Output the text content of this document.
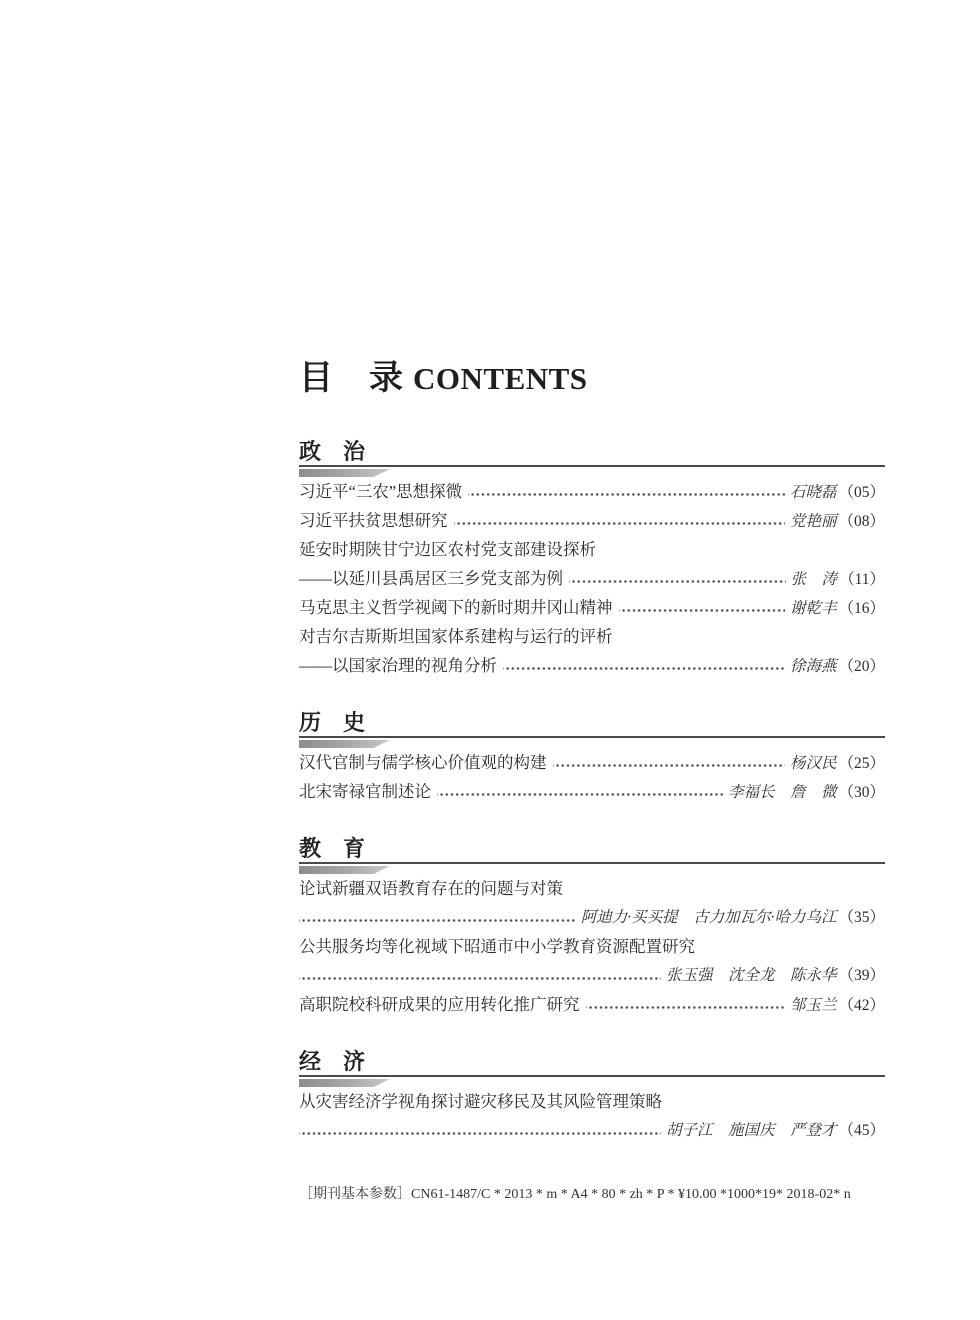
目　录 CONTENTS
政　治
习近平“三农”思想探微	石晓磊 （05）
习近平扶贫思想研究	党艳丽 （08）
延安时期陕甘宁边区农村党支部建设探析
——以延川县禹居区三乡党支部为例	张　涛 （11）
马克思主义哲学视阈下的新时期井冈山精神	谢乾丰 （16）
对吉尔吉斯斯坦国家体系建构与运行的评析
——以国家治理的视角分析	徐海燕 （20）
历　史
汉代官制与儒学核心价值观的构建	杨汉民 （25）
北宋寄禄官制述论	李福长　詹　微 （30）
教　育
论试新疆双语教育存在的问题与对策
阿迪力·买买提　古力加瓦尔·哈力乌江 （35）
公共服务均等化视域下昭通市中小学教育资源配置研究
张玉强　沈全龙　陈永华 （39）
高职院校科研成果的应用转化推广研究	邹玉兰 （42）
经　济
从灾害经济学视角探讨避灾移民及其风险管理策略
胡子江　施国庆　严登才 （45）
［期刊基本参数］CN61-1487/C * 2013 * m * A4 * 80 * zh * P * ¥10.00 *1000*19* 2018-02* n
